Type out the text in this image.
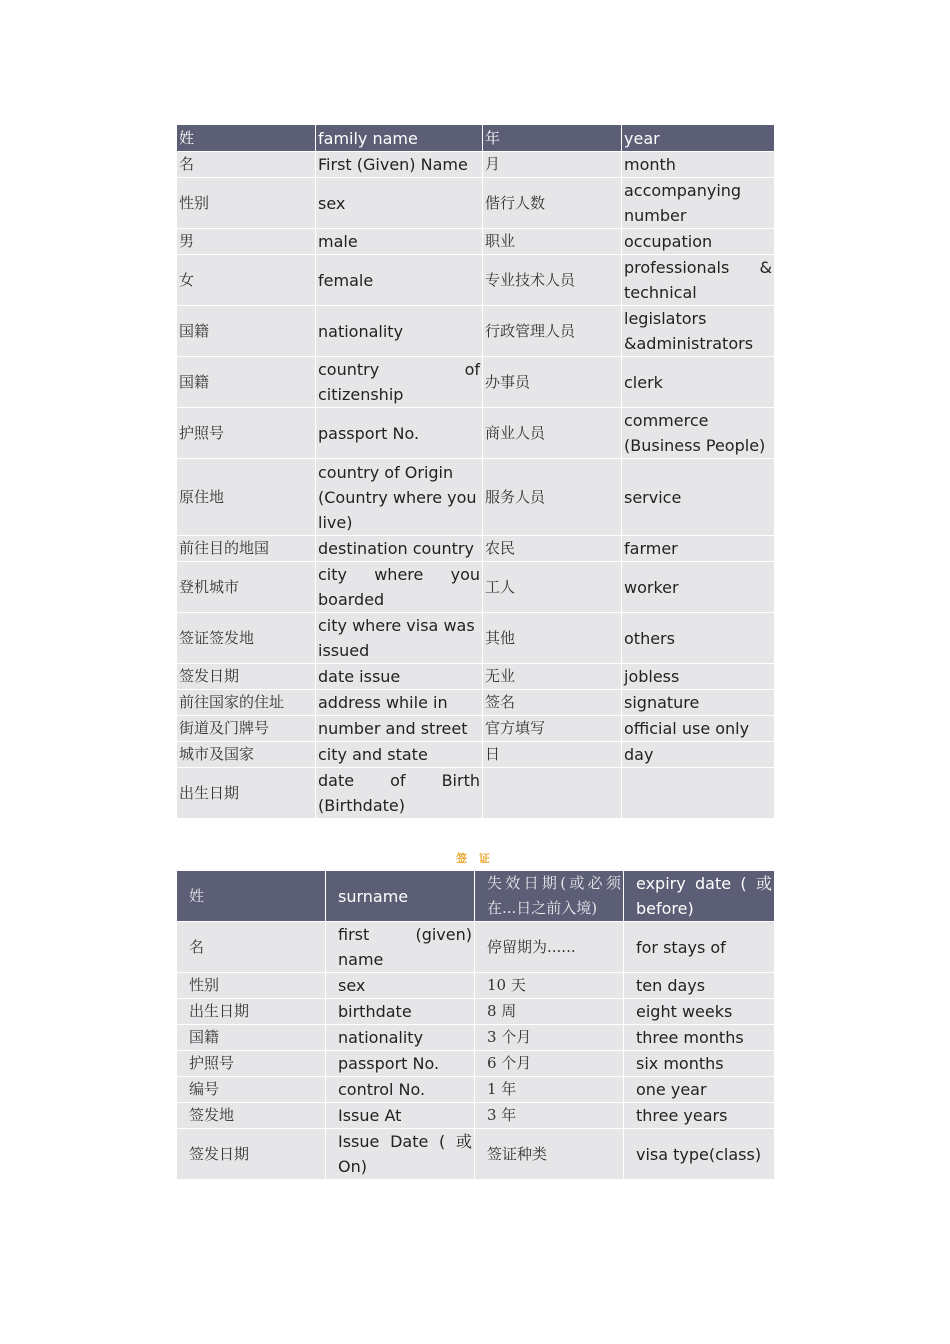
姓	family name	年	year
名	First (Given) Name	月	month
性别	sex	偕行人数	accompanying number
男	male	职业	occupation
女	female	专业技术人员	professionals & technical
国籍	nationality	行政管理人员	legislators &administrators
国籍	country of citizenship	办事员	clerk
护照号	passport No.	商业人员	commerce (Business People)
原住地	country of Origin (Country where you live)	服务人员	service
前往目的地国	destination country	农民	farmer
登机城市	city where you boarded	工人	worker
签证签发地	city where visa was issued	其他	others
签发日期	date issue	无业	jobless
前往国家的住址	address while in	签名	signature
街道及门牌号	number and street	官方填写	official use only
城市及国家	city and state	日	day
出生日期	date of Birth (Birthdate)		
签 证
姓	surname	失效日期(或必须在...日之前入境)	expiry date ( 或 before)
名	first (given) name	停留期为......	for stays of
性别	sex	10 天	ten days
出生日期	birthdate	8 周	eight weeks
国籍	nationality	3 个月	three months
护照号	passport No.	6 个月	six months
编号	control No.	1 年	one year
签发地	Issue At	3 年	three years
签发日期	Issue Date ( 或 On)	签证种类	visa type(class)
